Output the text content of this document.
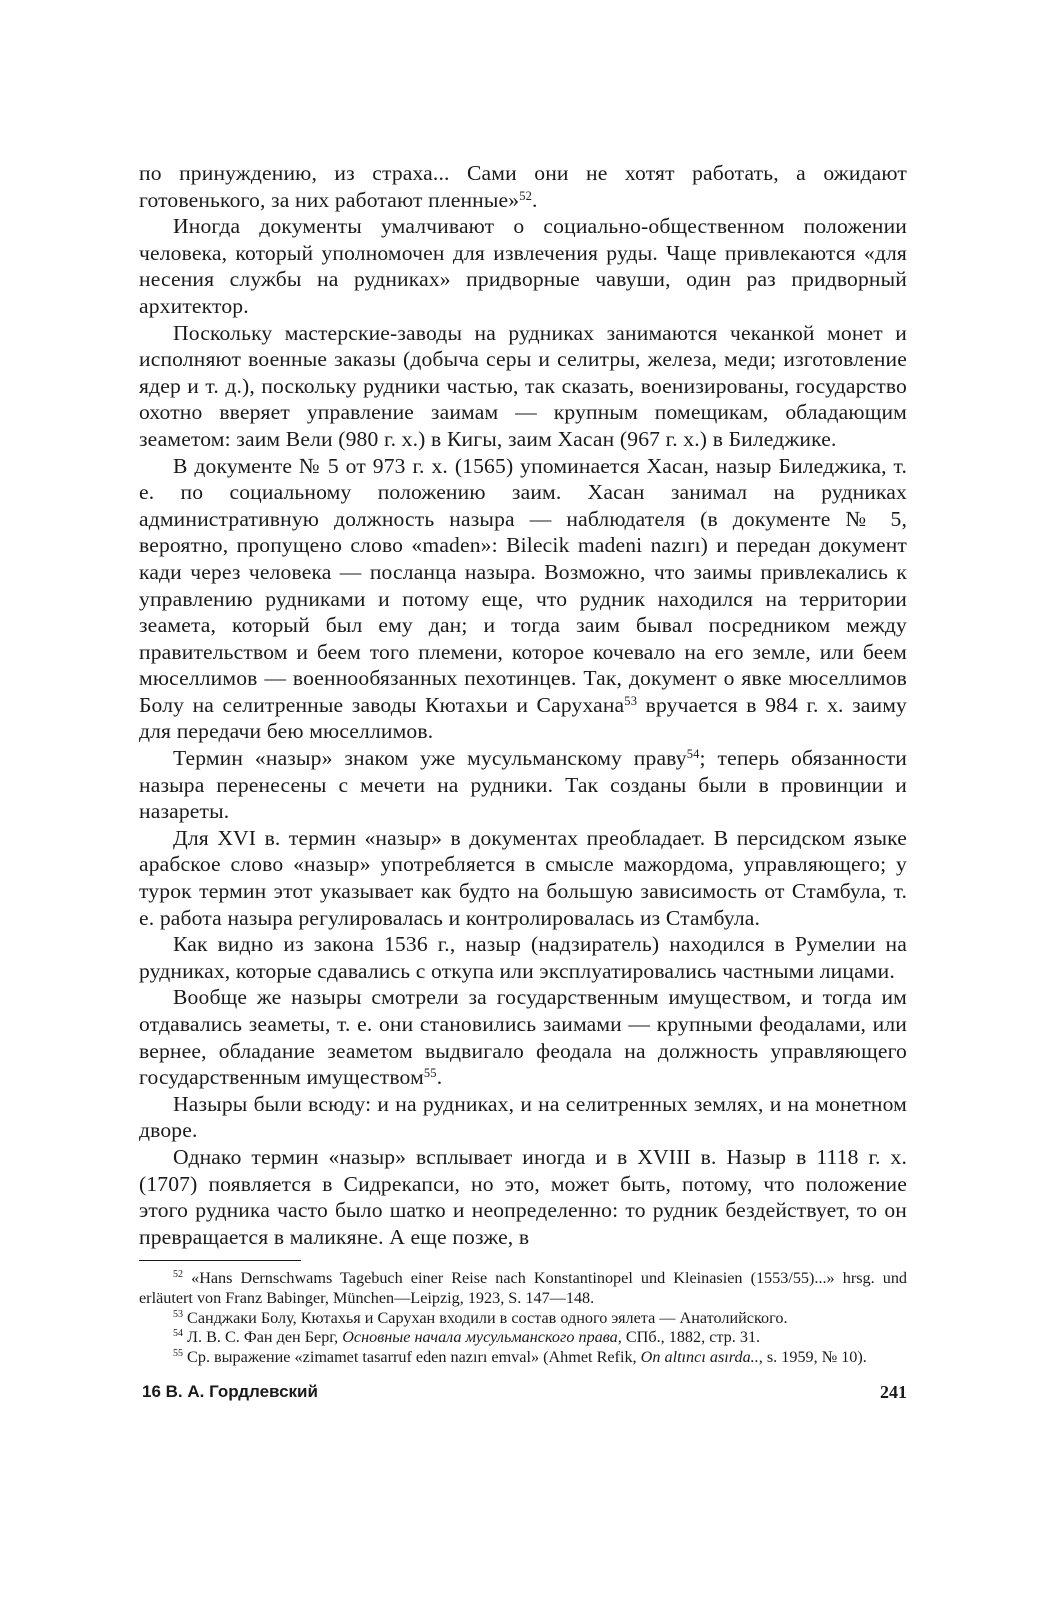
по принуждению, из страха... Сами они не хотят работать, а ожидают готовенького, за них работают пленные»$^{52}$.

Иногда документы умалчивают о социально-общественном положении человека, который уполномочен для извлечения руды. Чаще привлекаются «для несения службы на рудниках» придворные чавуши, один раз придворный архитектор.

Поскольку мастерские-заводы на рудниках занимаются чеканкой монет и исполняют военные заказы (добыча серы и селитры, железа, меди; изготовление ядер и т. д.), поскольку рудники частью, так сказать, военизированы, государство охотно вверяет управление заимам — крупным помещикам, обладающим зеаметом: заим Вели (980 г. х.) в Кигы, заим Хасан (967 г. х.) в Биледжике.

В документе № 5 от 973 г. х. (1565) упоминается Хасан, назыр Биледжика, т. е. по социальному положению заим. Хасан занимал на рудниках административную должность назыра — наблюдателя (в документе № 5, вероятно, пропущено слово «maden»: Bilecik madeni nazırı) и передан документ кади через человека — посланца назыра. Возможно, что заимы привлекались к управлению рудниками и потому еще, что рудник находился на территории зеамета, который был ему дан; и тогда заим бывал посредником между правительством и беем того племени, которое кочевало на его земле, или беем мюселлимов — военнообязанных пехотинцев. Так, документ о явке мюселлимов Болу на селитренные заводы Кютахьи и Сарухана$^{53}$ вручается в 984 г. х. заиму для передачи бею мюселлимов.

Термин «назыр» знаком уже мусульманскому праву$^{54}$; теперь обязанности назыра перенесены с мечети на рудники. Так созданы были в провинции и назареты.

Для XVI в. термин «назыр» в документах преобладает. В персидском языке арабское слово «назыр» употребляется в смысле мажордома, управляющего; у турок термин этот указывает как будто на большую зависимость от Стамбула, т. е. работа назыра регулировалась и контролировалась из Стамбула.

Как видно из закона 1536 г., назыр (надзиратель) находился в Румелии на рудниках, которые сдавались с откупа или эксплуатировались частными лицами.

Вообще же назыры смотрели за государственным имуществом, и тогда им отдавались зеаметы, т. е. они становились заимами — крупными феодалами, или вернее, обладание зеаметом выдвигало феодала на должность управляющего государственным имуществом$^{55}$.

Назыры были всюду: и на рудниках, и на селитренных землях, и на монетном дворе.

Однако термин «назыр» всплывает иногда и в XVIII в. Назыр в 1118 г. х. (1707) появляется в Сидрекапси, но это, может быть, потому, что положение этого рудника часто было шатко и неопределенно: то рудник бездействует, то он превращается в маликяне. А еще позже, в

$^{52}$ «Hans Dernschwams Tagebuch einer Reise nach Konstantinopel und Kleinasien (1553/55)...» hrsg. und erläutert von Franz Babinger, München—Leipzig, 1923, S. 147—148.

$^{53}$ Санджаки Болу, Кютахья и Сарухан входили в состав одного эялета — Анатолийского.

$^{54}$ Л. В. С. Фан ден Берг, Основные начала мусульманского права, СПб., 1882, стр. 31.

$^{55}$ Ср. выражение «zimamet tasarruf eden nazırı emval» (Ahmet Refik, On altıncı asırda.., s. 1959, № 10).

16 В. А. Гордлевский	241
